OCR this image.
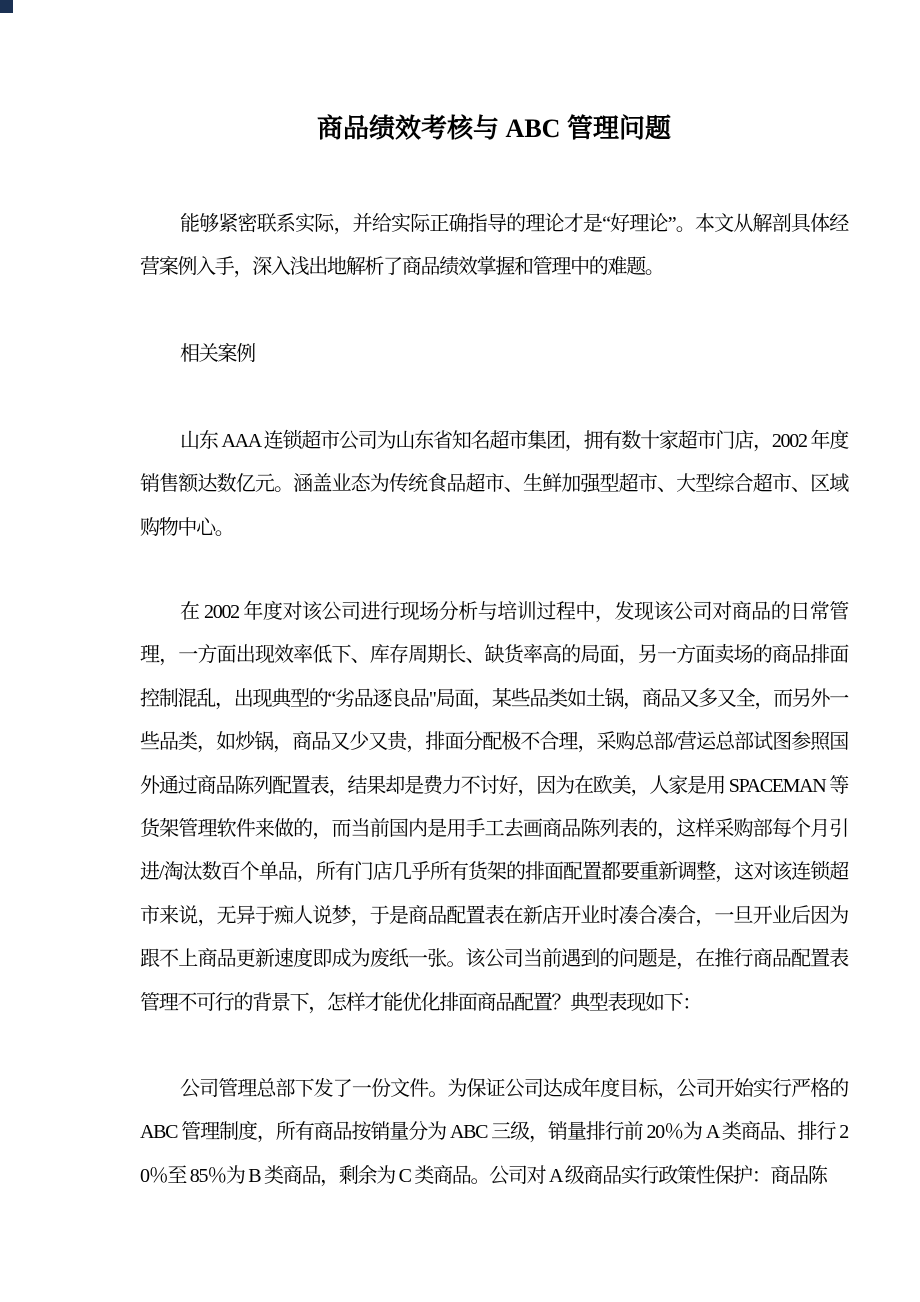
商品绩效考核与 ABC 管理问题

能够紧密联系实际，并给实际正确指导的理论才是“好理论”。本文从解剖具体经营案例入手，深入浅出地解析了商品绩效掌握和管理中的难题。

相关案例

山东 AAA 连锁超市公司为山东省知名超市集团，拥有数十家超市门店，2002 年度销售额达数亿元。涵盖业态为传统食品超市、生鲜加强型超市、大型综合超市、区域购物中心。

在 2002 年度对该公司进行现场分析与培训过程中，发现该公司对商品的日常管理，一方面出现效率低下、库存周期长、缺货率高的局面，另一方面卖场的商品排面控制混乱，出现典型的“劣品逐良品"局面，某些品类如土锅，商品又多又全，而另外一些品类，如炒锅，商品又少又贵，排面分配极不合理，采购总部/营运总部试图参照国外通过商品陈列配置表，结果却是费力不讨好，因为在欧美，人家是用 SPACEMAN 等货架管理软件来做的，而当前国内是用手工去画商品陈列表的，这样采购部每个月引进/淘汰数百个单品，所有门店几乎所有货架的排面配置都要重新调整，这对该连锁超市来说，无异于痴人说梦，于是商品配置表在新店开业时凑合凑合，一旦开业后因为跟不上商品更新速度即成为废纸一张。该公司当前遇到的问题是，在推行商品配置表管理不可行的背景下，怎样才能优化排面商品配置？典型表现如下：

公司管理总部下发了一份文件。为保证公司达成年度目标，公司开始实行严格的 ABC 管理制度，所有商品按销量分为 ABC 三级，销量排行前 20％为 A 类商品、排行 20％至 85％为 B 类商品，剩余为 C 类商品。公司对 A 级商品实行政策性保护：商品陈
